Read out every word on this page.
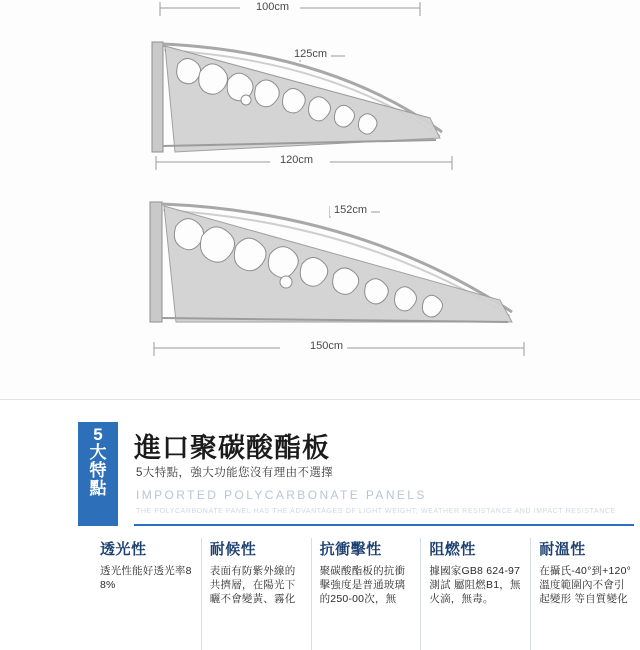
100cm
125cm
120cm
152cm
150cm
5
大
特
點
進口聚碳酸酯板
5大特點，強大功能您沒有理由不選擇
IMPORTED POLYCARBONATE PANELS
THE POLYCARBONATE PANEL HAS THE ADVANTAGES OF LIGHT WEIGHT, WEATHER RESISTANCE AND IMPACT RESISTANCE
透光性
透光性能好透光率88%
耐候性
表面有防紫外線的共擠層，在陽光下曬不會變黃、霧化
抗衝擊性
聚碳酸酯板的抗衝擊強度是普通玻璃的250-00次，無
阻燃性
據國家GB8 624-97測試 屬阻燃B1，無火滴，無毒。
耐溫性
在攝氏-40°到+120°溫度範圍內不會引起變形 等自質變化
